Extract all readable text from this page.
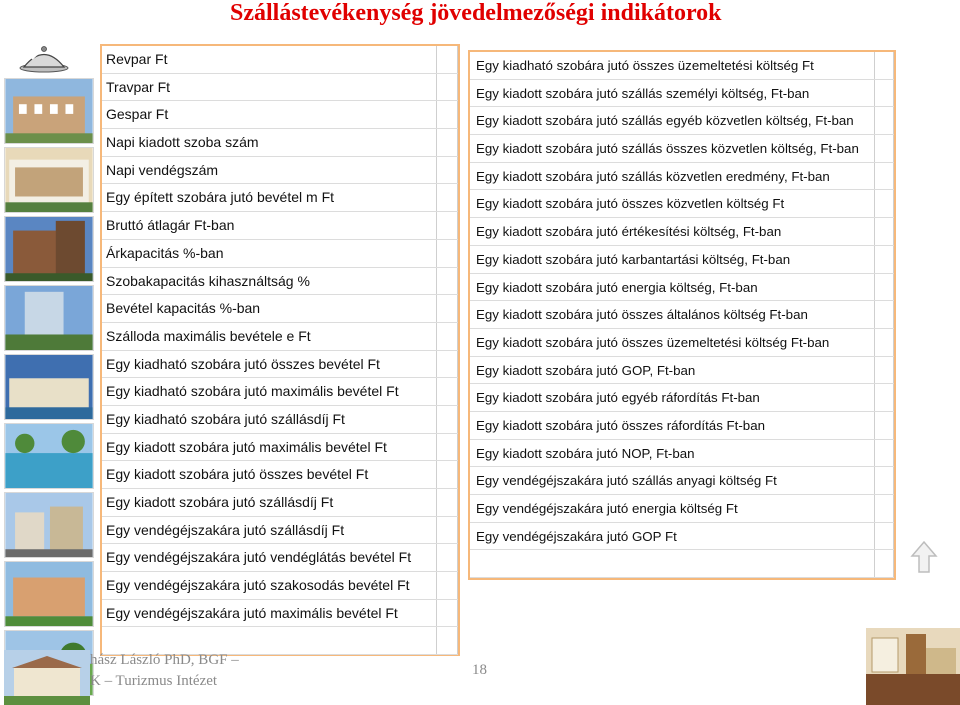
Szállástevékenység jövedelmezőségi indikátorok
Revpar Ft
Travpar Ft
Gespar Ft
Napi kiadott szoba szám
Napi vendégszám
Egy épített szobára jutó bevétel m Ft
Bruttó átlagár Ft-ban
Árkapacitás %-ban
Szobakapacitás kihasználtság %
Bevétel kapacitás %-ban
Szálloda maximális bevétele e Ft
Egy kiadható szobára jutó összes bevétel Ft
Egy kiadható szobára jutó maximális bevétel Ft
Egy kiadható szobára jutó szállásdíj Ft
Egy kiadott szobára jutó maximális bevétel Ft
Egy kiadott szobára jutó összes bevétel Ft
Egy kiadott szobára jutó szállásdíj Ft
Egy vendégéjszakára jutó szállásdíj Ft
Egy vendégéjszakára jutó vendéglátás bevétel Ft
Egy vendégéjszakára jutó szakosodás bevétel Ft
Egy vendégéjszakára jutó maximális bevétel Ft
Egy kiadható szobára jutó összes üzemeltetési költség Ft
Egy kiadott szobára jutó szállás személyi költség, Ft-ban
Egy kiadott szobára jutó szállás egyéb közvetlen költség, Ft-ban
Egy kiadott szobára jutó szállás összes közvetlen költség, Ft-ban
Egy kiadott szobára jutó szállás közvetlen eredmény, Ft-ban
Egy kiadott szobára jutó összes közvetlen költség Ft
Egy kiadott szobára jutó értékesítési költség, Ft-ban
Egy kiadott szobára jutó karbantartási költség, Ft-ban
Egy kiadott szobára jutó energia költség, Ft-ban
Egy kiadott szobára jutó összes általános költség Ft-ban
Egy kiadott szobára jutó összes üzemeltetési költség Ft-ban
Egy kiadott szobára jutó GOP, Ft-ban
Egy kiadott szobára jutó egyéb ráfordítás Ft-ban
Egy kiadott szobára jutó összes ráfordítás Ft-ban
Egy kiadott szobára jutó NOP, Ft-ban
Egy vendégéjszakára jutó szállás anyagi költség Ft
Egy vendégéjszakára jutó energia költség Ft
Egy vendégéjszakára jutó GOP Ft
hász László PhD, BGF –
K – Turizmus Intézet
18
